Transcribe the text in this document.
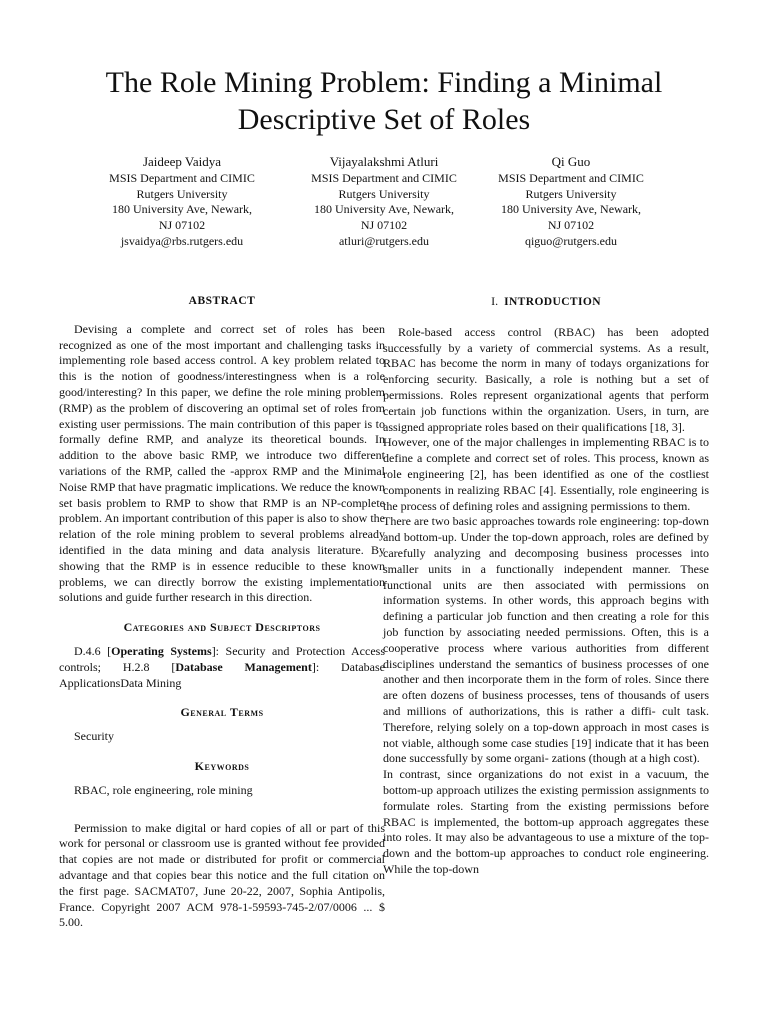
The Role Mining Problem: Finding a Minimal Descriptive Set of Roles
Jaideep Vaidya
MSIS Department and CIMIC
Rutgers University
180 University Ave, Newark,
NJ 07102
jsvaidya@rbs.rutgers.edu
Vijayalakshmi Atluri
MSIS Department and CIMIC
Rutgers University
180 University Ave, Newark,
NJ 07102
atluri@rutgers.edu
Qi Guo
MSIS Department and CIMIC
Rutgers University
180 University Ave, Newark,
NJ 07102
qiguo@rutgers.edu
ABSTRACT

Devising a complete and correct set of roles has been recognized as one of the most important and challenging tasks in implementing role based access control. A key problem related to this is the notion of goodness/interestingness when is a role good/interesting? In this paper, we define the role mining problem (RMP) as the problem of discovering an optimal set of roles from existing user permissions. The main contribution of this paper is to formally define RMP, and analyze its theoretical bounds. In addition to the above basic RMP, we introduce two different variations of the RMP, called the -approx RMP and the Minimal Noise RMP that have pragmatic implications. We reduce the known set basis problem to RMP to show that RMP is an NP-complete problem. An important contribution of this paper is also to show the relation of the role mining problem to several problems already identified in the data mining and data analysis literature. By showing that the RMP is in essence reducible to these known problems, we can directly borrow the existing implementation solutions and guide further research in this direction.

Categories and Subject Descriptors

D.4.6 [Operating Systems]: Security and Protection Access controls; H.2.8 [Database Management]: Database ApplicationsData Mining

General Terms

Security

Keywords

RBAC, role engineering, role mining

Permission to make digital or hard copies of all or part of this work for personal or classroom use is granted without fee provided that copies are not made or distributed for profit or commercial advantage and that copies bear this notice and the full citation on the first page. SACMAT07, June 20-22, 2007, Sophia Antipolis, France. Copyright 2007 ACM 978-1-59593-745-2/07/0006 ... $ 5.00.

I. INTRODUCTION

Role-based access control (RBAC) has been adopted successfully by a variety of commercial systems. As a result, RBAC has become the norm in many of todays organizations for enforcing security. Basically, a role is nothing but a set of permissions. Roles represent organizational agents that perform certain job functions within the organization. Users, in turn, are assigned appropriate roles based on their qualifications [18, 3].

However, one of the major challenges in implementing RBAC is to define a complete and correct set of roles. This process, known as role engineering [2], has been identified as one of the costliest components in realizing RBAC [4]. Essentially, role engineering is the process of defining roles and assigning permissions to them.

There are two basic approaches towards role engineering: top-down and bottom-up. Under the top-down approach, roles are defined by carefully analyzing and decomposing business processes into smaller units in a functionally independent manner. These functional units are then associated with permissions on information systems. In other words, this approach begins with defining a particular job function and then creating a role for this job function by associating needed permissions. Often, this is a cooperative process where various authorities from different disciplines understand the semantics of business processes of one another and then incorporate them in the form of roles. Since there are often dozens of business processes, tens of thousands of users and millions of authorizations, this is rather a diffi- cult task. Therefore, relying solely on a top-down approach in most cases is not viable, although some case studies [19] indicate that it has been done successfully by some organi- zations (though at a high cost).

In contrast, since organizations do not exist in a vacuum, the bottom-up approach utilizes the existing permission assignments to formulate roles. Starting from the existing permissions before RBAC is implemented, the bottom-up approach aggregates these into roles. It may also be advantageous to use a mixture of the top-down and the bottom-up approaches to conduct role engineering. While the top-down
